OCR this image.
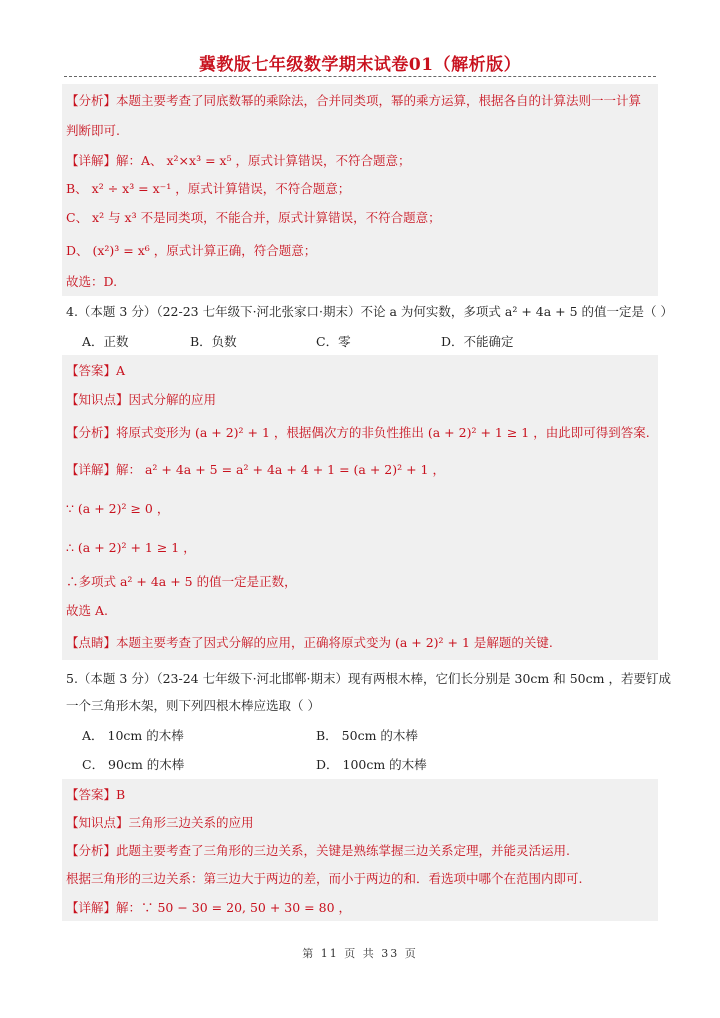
冀教版七年级数学期末试卷01（解析版）
【分析】本题主要考查了同底数幂的乘除法，合并同类项，幂的乘方运算，根据各自的计算法则一一计算
判断即可.
【详解】解：A、 x²×x³ = x⁵ ，原式计算错误，不符合题意；
B、 x² ÷ x³ = x⁻¹ ，原式计算错误，不符合题意；
C、 x² 与 x³ 不是同类项，不能合并，原式计算错误，不符合题意；
D、 (x²)³ = x⁶ ，原式计算正确，符合题意；
故选：D.
4.（本题 3 分）（22-23 七年级下·河北张家口·期末）不论 a 为何实数，多项式 a² + 4a + 5 的值一定是（ ）
A．正数	B．负数	C．零	D．不能确定
【答案】A
【知识点】因式分解的应用
【分析】将原式变形为 (a + 2)² + 1 ，根据偶次方的非负性推出 (a + 2)² + 1 ≥ 1 ，由此即可得到答案.
【详解】解： a² + 4a + 5 = a² + 4a + 4 + 1 = (a + 2)² + 1 ，
∵ (a + 2)² ≥ 0 ，
∴ (a + 2)² + 1 ≥ 1 ，
∴多项式 a² + 4a + 5 的值一定是正数，
故选 A.
【点睛】本题主要考查了因式分解的应用，正确将原式变为 (a + 2)² + 1 是解题的关键.
5.（本题 3 分）（23-24 七年级下·河北邯郸·期末）现有两根木棒，它们长分别是 30cm 和 50cm ，若要钉成
一个三角形木架，则下列四根木棒应选取（ ）
A． 10cm 的木棒	B． 50cm 的木棒
C． 90cm 的木棒	D． 100cm 的木棒
【答案】B
【知识点】三角形三边关系的应用
【分析】此题主要考查了三角形的三边关系，关键是熟练掌握三边关系定理，并能灵活运用.
根据三角形的三边关系：第三边大于两边的差，而小于两边的和．看选项中哪个在范围内即可.
【详解】解：∵ 50 − 30 = 20, 50 + 30 = 80 ，
第 11 页 共 33 页
